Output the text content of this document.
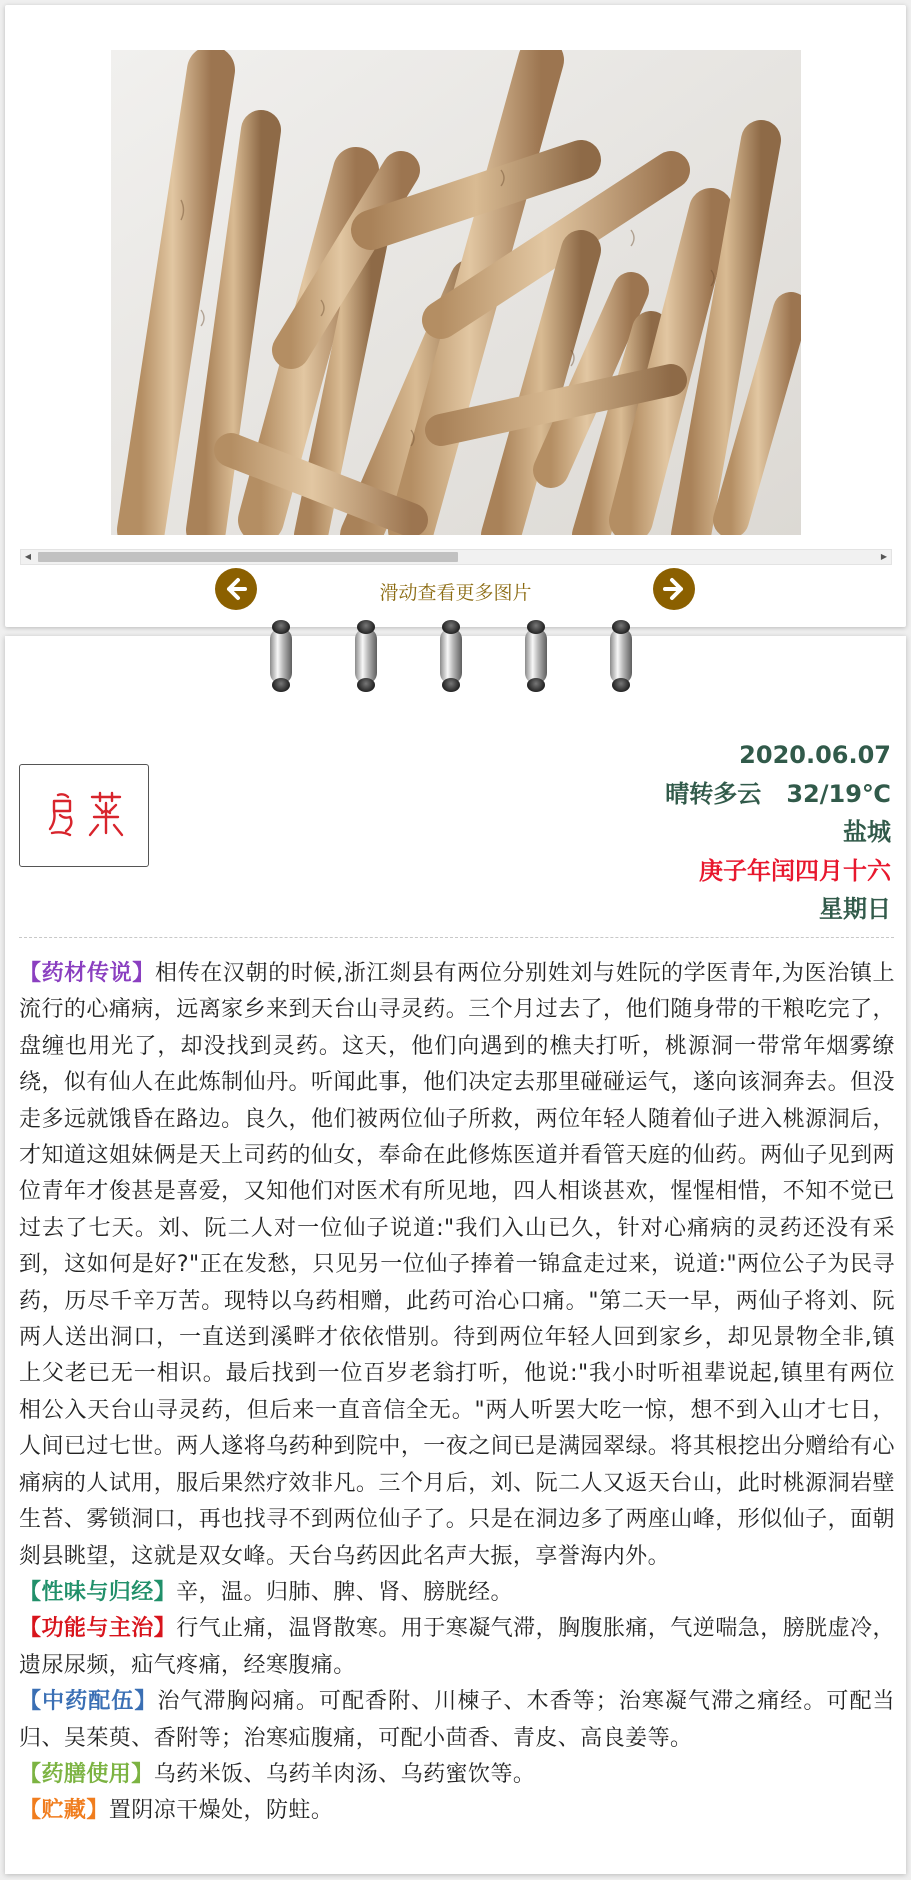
◀	▶
滑动查看更多图片
2020.06.07
晴转多云   32/19℃
盐城
庚子年闰四月十六
星期日

【药材传说】相传在汉朝的时候,浙江剡县有两位分别姓刘与姓阮的学医青年,为医治镇上流行的心痛病，远离家乡来到天台山寻灵药。三个月过去了，他们随身带的干粮吃完了，盘缠也用光了，却没找到灵药。这天，他们向遇到的樵夫打听，桃源洞一带常年烟雾缭绕，似有仙人在此炼制仙丹。听闻此事，他们决定去那里碰碰运气，遂向该洞奔去。但没走多远就饿昏在路边。良久，他们被两位仙子所救，两位年轻人随着仙子进入桃源洞后，才知道这姐妹俩是天上司药的仙女，奉命在此修炼医道并看管天庭的仙药。两仙子见到两位青年才俊甚是喜爱，又知他们对医术有所见地，四人相谈甚欢，惺惺相惜，不知不觉已过去了七天。刘、阮二人对一位仙子说道:"我们入山已久，针对心痛病的灵药还没有采到，这如何是好?"正在发愁，只见另一位仙子捧着一锦盒走过来，说道:"两位公子为民寻药，历尽千辛万苦。现特以乌药相赠，此药可治心口痛。"第二天一早，两仙子将刘、阮两人送出洞口，一直送到溪畔才依依惜别。待到两位年轻人回到家乡，却见景物全非,镇上父老已无一相识。最后找到一位百岁老翁打听，他说:"我小时听祖辈说起,镇里有两位相公入天台山寻灵药，但后来一直音信全无。"两人听罢大吃一惊，想不到入山才七日，人间已过七世。两人遂将乌药种到院中，一夜之间已是满园翠绿。将其根挖出分赠给有心痛病的人试用，服后果然疗效非凡。三个月后，刘、阮二人又返天台山，此时桃源洞岩壁生苔、雾锁洞口，再也找寻不到两位仙子了。只是在洞边多了两座山峰，形似仙子，面朝剡县眺望，这就是双女峰。天台乌药因此名声大振，享誉海内外。

【性味与归经】辛，温。归肺、脾、肾、膀胱经。

【功能与主治】行气止痛，温肾散寒。用于寒凝气滞，胸腹胀痛，气逆喘急，膀胱虚冷，遗尿尿频，疝气疼痛，经寒腹痛。

【中药配伍】治气滞胸闷痛。可配香附、川楝子、木香等；治寒凝气滞之痛经。可配当归、吴茱萸、香附等；治寒疝腹痛，可配小茴香、青皮、高良姜等。

【药膳使用】乌药米饭、乌药羊肉汤、乌药蜜饮等。

【贮藏】置阴凉干燥处，防蛀。
